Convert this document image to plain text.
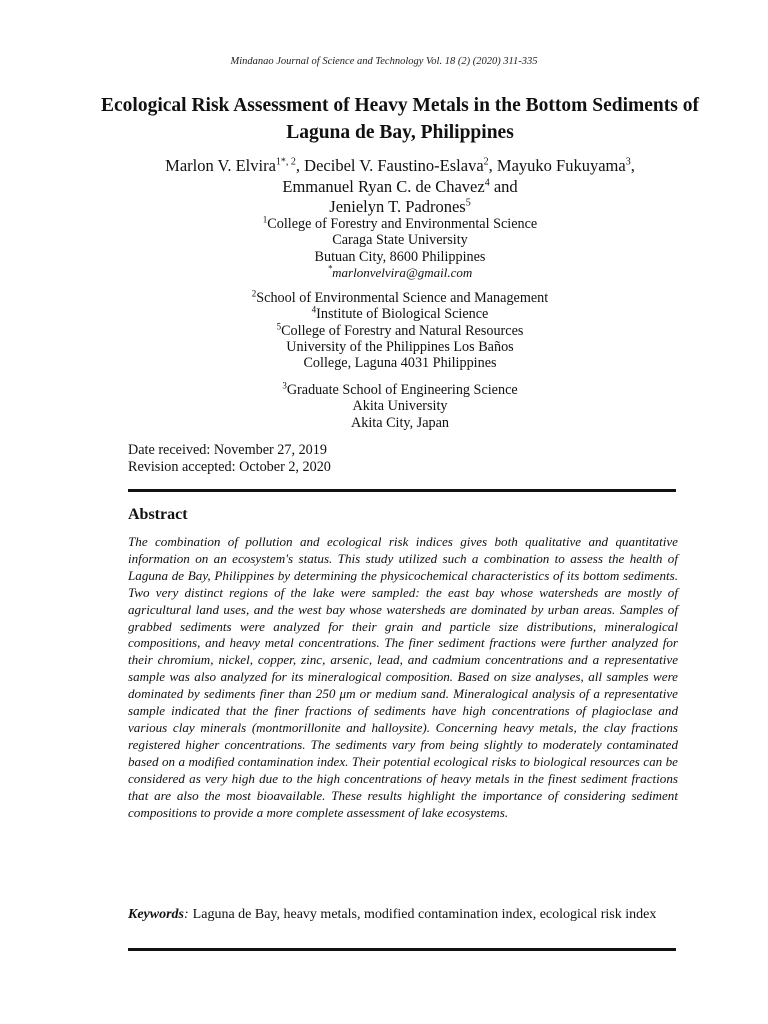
Mindanao Journal of Science and Technology Vol. 18 (2) (2020) 311-335
Ecological Risk Assessment of Heavy Metals in the Bottom Sediments of Laguna de Bay, Philippines
Marlon V. Elvira$^{1*, 2}$, Decibel V. Faustino-Eslava$^2$, Mayuko Fukuyama$^3$, Emmanuel Ryan C. de Chavez$^4$ and
Jenielyn T. Padrones$^5$
$^1$College of Forestry and Environmental Science
Caraga State University
Butuan City, 8600 Philippines
*marlonvelvira@gmail.com
$^2$School of Environmental Science and Management
$^4$Institute of Biological Science
$^5$College of Forestry and Natural Resources
University of the Philippines Los Baños
College, Laguna 4031 Philippines
$^3$Graduate School of Engineering Science
Akita University
Akita City, Japan
Date received: November 27, 2019
Revision accepted: October 2, 2020
Abstract

The combination of pollution and ecological risk indices gives both qualitative and quantitative information on an ecosystem's status. This study utilized such a combination to assess the health of Laguna de Bay, Philippines by determining the physicochemical characteristics of its bottom sediments. Two very distinct regions of the lake were sampled: the east bay whose watersheds are mostly of agricultural land uses, and the west bay whose watersheds are dominated by urban areas. Samples of grabbed sediments were analyzed for their grain and particle size distributions, mineralogical compositions, and heavy metal concentrations. The finer sediment fractions were further analyzed for their chromium, nickel, copper, zinc, arsenic, lead, and cadmium concentrations and a representative sample was also analyzed for its mineralogical composition. Based on size analyses, all samples were dominated by sediments finer than 250 μm or medium sand. Mineralogical analysis of a representative sample indicated that the finer fractions of sediments have high concentrations of plagioclase and various clay minerals (montmorillonite and halloysite). Concerning heavy metals, the clay fractions registered higher concentrations. The sediments vary from being slightly to moderately contaminated based on a modified contamination index. Their potential ecological risks to biological resources can be considered as very high due to the high concentrations of heavy metals in the finest sediment fractions that are also the most bioavailable. These results highlight the importance of considering sediment compositions to provide a more complete assessment of lake ecosystems.

Keywords: Laguna de Bay, heavy metals, modified contamination index, ecological risk index
